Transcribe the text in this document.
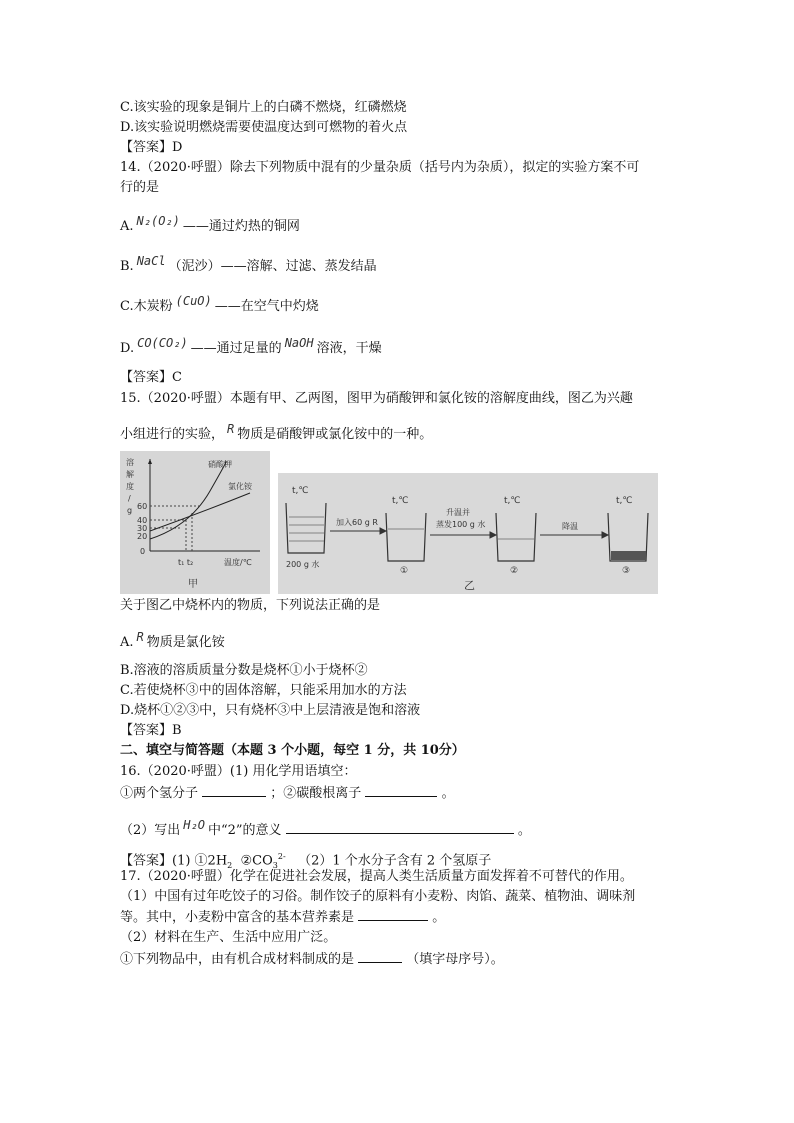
C.该实验的现象是铜片上的白磷不燃烧，红磷燃烧
D.该实验说明燃烧需要使温度达到可燃物的着火点
【答案】D
14.（2020·呼盟）除去下列物质中混有的少量杂质（括号内为杂质），拟定的实验方案不可
行的是
A. N₂(O₂) ——通过灼热的铜网
B. NaCl （泥沙）——溶解、过滤、蒸发结晶
C.木炭粉 (CuO) ——在空气中灼烧
D. CO(CO₂) ——通过足量的 NaOH 溶液，干燥
【答案】C
15.（2020·呼盟）本题有甲、乙两图，图甲为硝酸钾和氯化铵的溶解度曲线，图乙为兴趣
小组进行的实验， R 物质是硝酸钾或氯化铵中的一种。
溶
解
度
/
g 60
40
30
20
0
硝酸钾
氯化铵
t₁ t₂	温度/℃
甲
t,℃
t,℃	t,℃	t,℃
200 g 水
加入60 g R
升温并
蒸发100 g 水	降温
①	②	③
乙
关于图乙中烧杯内的物质，下列说法正确的是
A. R 物质是氯化铵
B.溶液的溶质质量分数是烧杯①小于烧杯②
C.若使烧杯③中的固体溶解，只能采用加水的方法
D.烧杯①②③中，只有烧杯③中上层清液是饱和溶液
【答案】B
二、填空与简答题（本题 3 个小题，每空 1 分，共 10分）
16.（2020·呼盟）(1) 用化学用语填空：
①两个氢分子	；②碳酸根离子	。
（2）写出 H₂O 中“2”的意义	。
【答案】(1) $①2H_2$ $②CO_3^{2-}$ （2）1 个水分子含有 2 个氢原子
17.（2020·呼盟）化学在促进社会发展，提高人类生活质量方面发挥着不可替代的作用。
（1）中国有过年吃饺子的习俗。制作饺子的原料有小麦粉、肉馅、蔬菜、植物油、调味剂
等。其中，小麦粉中富含的基本营养素是	。
（2）材料在生产、生活中应用广泛。
①下列物品中，由有机合成材料制成的是	（填字母序号）。
